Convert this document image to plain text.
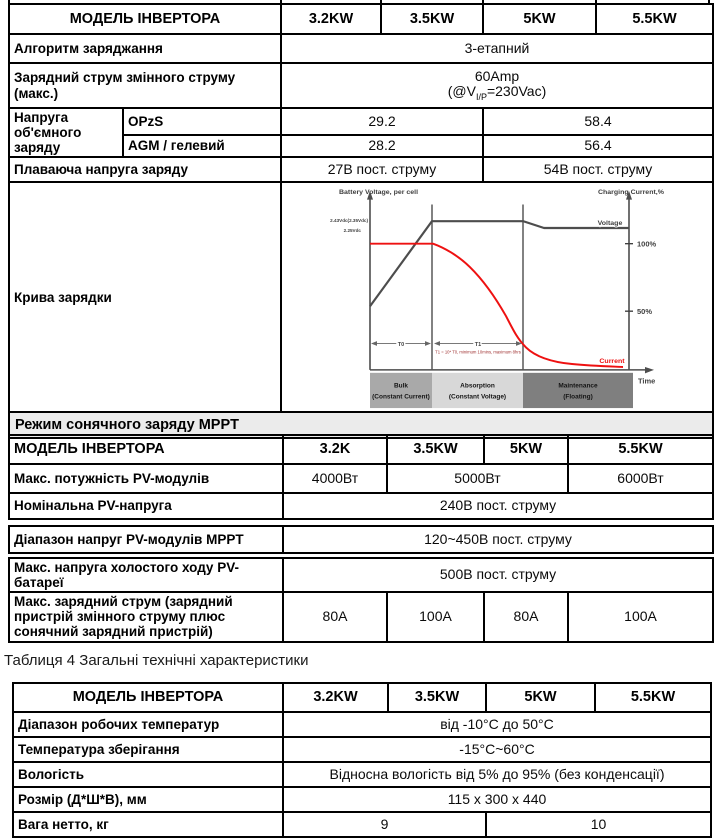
МОДЕЛЬ ІНВЕРТОРА		3.2KW	3.5KW	5KW	5.5KW
Алгоритм заряджання		3-етапний			
Зарядний струм змінного струму (макс.)		60Amp
$(@V_{I/P}=230Vac)$			

Напруга об'ємного заряду	OPzS	29.2		58.4	
	AGM / гелевий	28.2		56.4	
Плаваюча напруга заряду		27В пост. струму		54В пост. струму	
Крива зарядки	
Battery Voltage, per cell	Charging Current,%
2.43Vdc(2.35Vdc)
2.25Vdc
100%
50%
Voltage
Current
Time
T0	T1
T1 = 10* T0, minimum 10mins, maximum 8hrs
Bulk
(Constant Current)
Absorption
(Constant Voltage)
Maintenance
(Floating)

Режим сонячного заряду MPPT					
МОДЕЛЬ ІНВЕРТОРА	3.2K	3.5KW	5KW	5.5KW
Макс. потужність PV-модулів	4000Вт	5000Вт		6000Вт
Номінальна PV-напруга	240В пост. струму			
Діапазон напруг PV-модулів MPPT	120~450В пост. струму
Макс. напруга холостого ходу PV-батареї	500В пост. струму			
Макс. зарядний струм (зарядний пристрій змінного струму плюс сонячний зарядний пристрій)	80A	100A	80A	100A
Таблиця 4 Загальні технічні характеристики
МОДЕЛЬ ІНВЕРТОРА	3.2KW	3.5KW	5KW	5.5KW
Діапазон робочих температур	від -10°C до 50°C			
Температура зберігання	-15°C~60°C			
Вологість	Відносна вологість від 5% до 95% (без конденсації)			
Розмір (Д*Ш*В), мм	115 x 300 x 440			
Вага нетто, кг	9		10	
